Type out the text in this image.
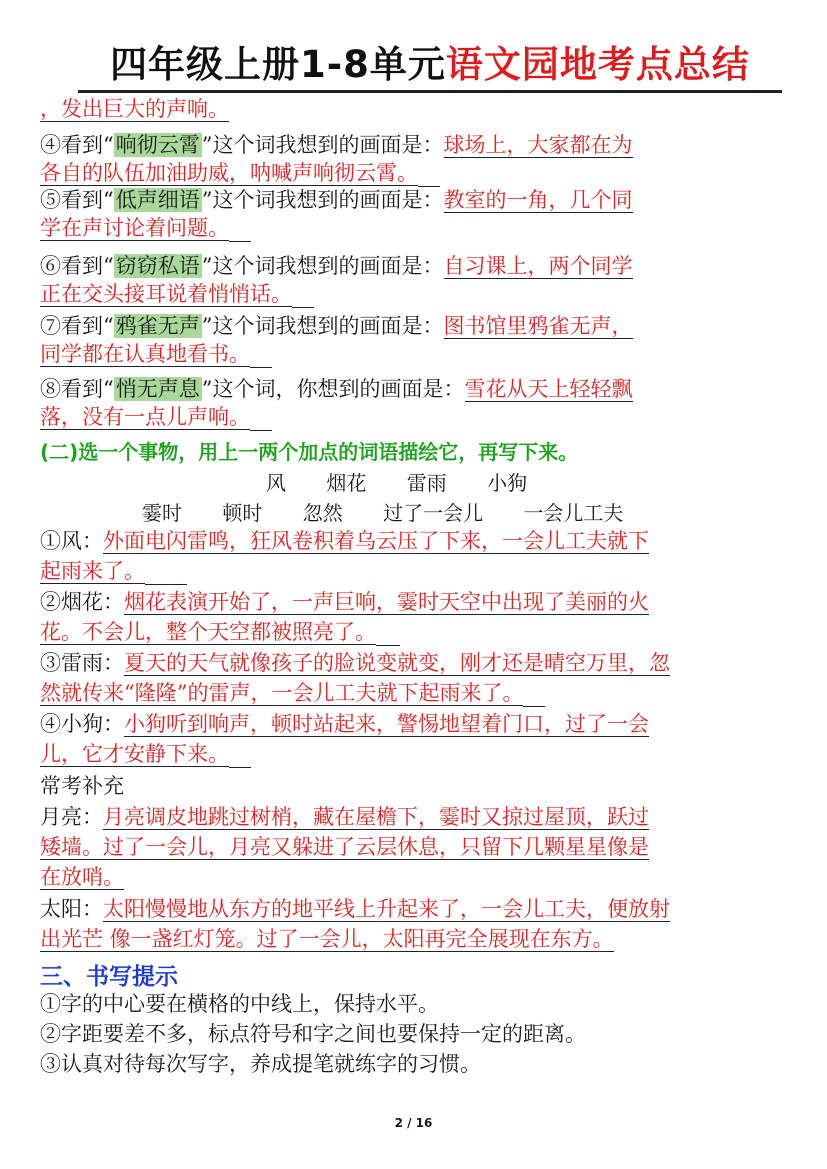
四年级上册1-8单元语文园地考点总结
，发出巨大的声响。
④看到“响彻云霄”这个词我想到的画面是：球场上，大家都在为
各自的队伍加油助威，呐喊声响彻云霄。
⑤看到“低声细语”这个词我想到的画面是：教室的一角，几个同
学在声讨论着问题。
⑥看到“窃窃私语”这个词我想到的画面是：自习课上，两个同学
正在交头接耳说着悄悄话。
⑦看到“鸦雀无声”这个词我想到的画面是：图书馆里鸦雀无声，
同学都在认真地看书。
⑧看到“悄无声息”这个词，你想到的画面是：雪花从天上轻轻飘
落，没有一点儿声响。
(二)选一个事物，用上一两个加点的词语描绘它，再写下来。
风 烟花 雷雨 小狗
霎时 顿时 忽然 过了一会儿 一会儿工夫
①风：外面电闪雷鸣，狂风卷积着乌云压了下来，一会儿工夫就下
起雨来了。
②烟花：烟花表演开始了，一声巨响，霎时天空中出现了美丽的火
花。不会儿，整个天空都被照亮了。
③雷雨：夏天的天气就像孩子的脸说变就变，刚才还是晴空万里，忽
然就传来“隆隆”的雷声，一会儿工夫就下起雨来了。
④小狗：小狗听到响声，顿时站起来，警惕地望着门口，过了一会
儿，它才安静下来。
常考补充
月亮：月亮调皮地跳过树梢，藏在屋檐下，霎时又掠过屋顶，跃过
矮墙。过了一会儿，月亮又躲进了云层休息，只留下几颗星星像是
在放哨。
太阳：太阳慢慢地从东方的地平线上升起来了，一会儿工夫，便放射
出光芒 像一盏红灯笼。过了一会儿，太阳再完全展现在东方。
三、书写提示
①字的中心要在横格的中线上，保持水平。
②字距要差不多，标点符号和字之间也要保持一定的距离。
③认真对待每次写字，养成提笔就练字的习惯。
2 / 16
